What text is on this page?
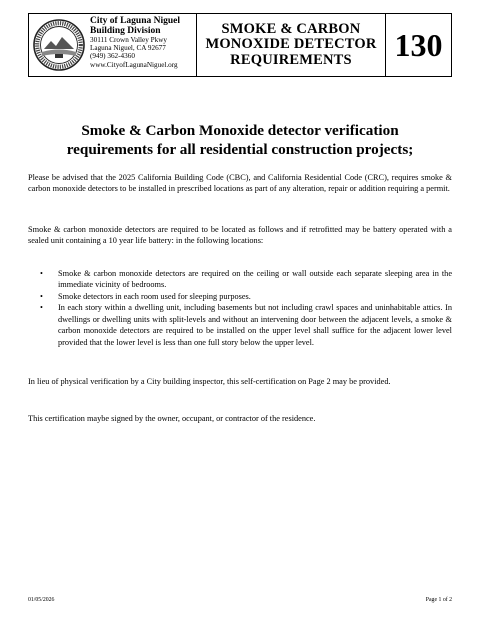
City of Laguna Niguel
Building Division
30111 Crown Valley Pkwy
Laguna Niguel, CA 92677
(949) 362-4360
www.CityofLagunaNiguel.org
SMOKE & CARBON
MONOXIDE DETECTOR
REQUIREMENTS 130
Smoke & Carbon Monoxide detector verification
requirements for all residential construction projects;
Please be advised that the 2025 California Building Code (CBC), and California Residential Code (CRC), requires smoke & carbon monoxide detectors to be installed in prescribed locations as part of any alteration, repair or addition requiring a permit.
Smoke & carbon monoxide detectors are required to be located as follows and if retrofitted may be battery operated with a sealed unit containing a 10 year life battery: in the following locations:
• Smoke & carbon monoxide detectors are required on the ceiling or wall outside each separate sleeping area in the immediate vicinity of bedrooms.
• Smoke detectors in each room used for sleeping purposes.
• In each story within a dwelling unit, including basements but not including crawl spaces and uninhabitable attics. In dwellings or dwelling units with split-levels and without an intervening door between the adjacent levels, a smoke & carbon monoxide detectors are required to be installed on the upper level shall suffice for the adjacent lower level provided that the lower level is less than one full story below the upper level.
In lieu of physical verification by a City building inspector, this self-certification on Page 2 may be provided.
This certification maybe signed by the owner, occupant, or contractor of the residence.
01/05/2026	Page 1 of 2
